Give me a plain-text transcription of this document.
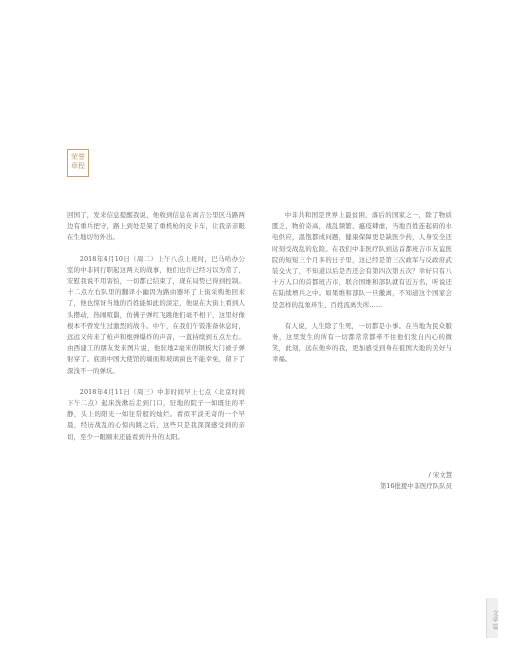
荣誉
章程

回国了，发来信息提醒我说，他收到信息在离吉公里区马路两边有重兵把守，路上到处是架了重机枪的皮卡车，让我亲亲眼在生地切勿外出。

2018年4月10日（周二）上午八点上班时，巴马哈办公室的中非同行职起这两天的战事，他们也许已经习以为常了，安慰我说不用害怕，一切都已结束了，现在局势已得到控制。十二点左右队里的翻译小幽因为路由器坏了上街采购他回来了，他也惊讶当地的百姓能如此的淡定，他说在大街上看到人头攒动，热闹喧嚣，仿佛子弹红飞跳他们毫不相干，这里好像根本不曾发生过激烈的战斗。中午，在我们午饭准备休息时，远远又传来了枪声和炮弹爆炸的声音，一直持续到五点左右。由西建工的朋友发来图片说，他驻地2毫米的钢板大门被子弹射穿了。底面中国大使馆的墙面和玻璃窗也不能幸免，留下了深浅不一的弹坑。

2018年4月11日（周三）中非时间早上七点（北京时间下午二点）起床洗漱后走到门口，驻地的院子一如既往的平静，头上的阳光一如往常般的灿烂。看似平淡无奇的一个早晨，经历战乱的心惊肉跳之后，这些只是我深深感受到的亲切，至少一眼顺来还能看到升升的太阳。

中非共和国是世界上最贫困，落后的国家之一，除了物质匮乏，物价奇高，战乱频繁，瘟疫肆虐，当地百姓连起码的水电供应，温饱都成问题，健康保障更是缺医少药，人身安全还时刻受战乱的危险。在我们中非医疗队到达首都班吉市友谊医院的短短三个月多的日子里，这已经是第三次政军与反政府武装交火了，不知道以后是否还会有第四次第五次？幸好只有八十万人口的首都班吉市，联合国维和部队就有近万名，听说还在陆续增兵之中。如果维和部队一旦撤离，不知道这个国家会是怎样的乱象环生、百姓流离失所……

有人说，人生除了生死，一切都是小事。在当地为民众服务，这里发生的所有一切都常常都牵不住他们发自内心的微笑，此刻，远在他乡的我，更加感受到身在祖国大地的美好与幸福。

/ 宋文慧
第16批援中非医疗队队员
文章 篇
